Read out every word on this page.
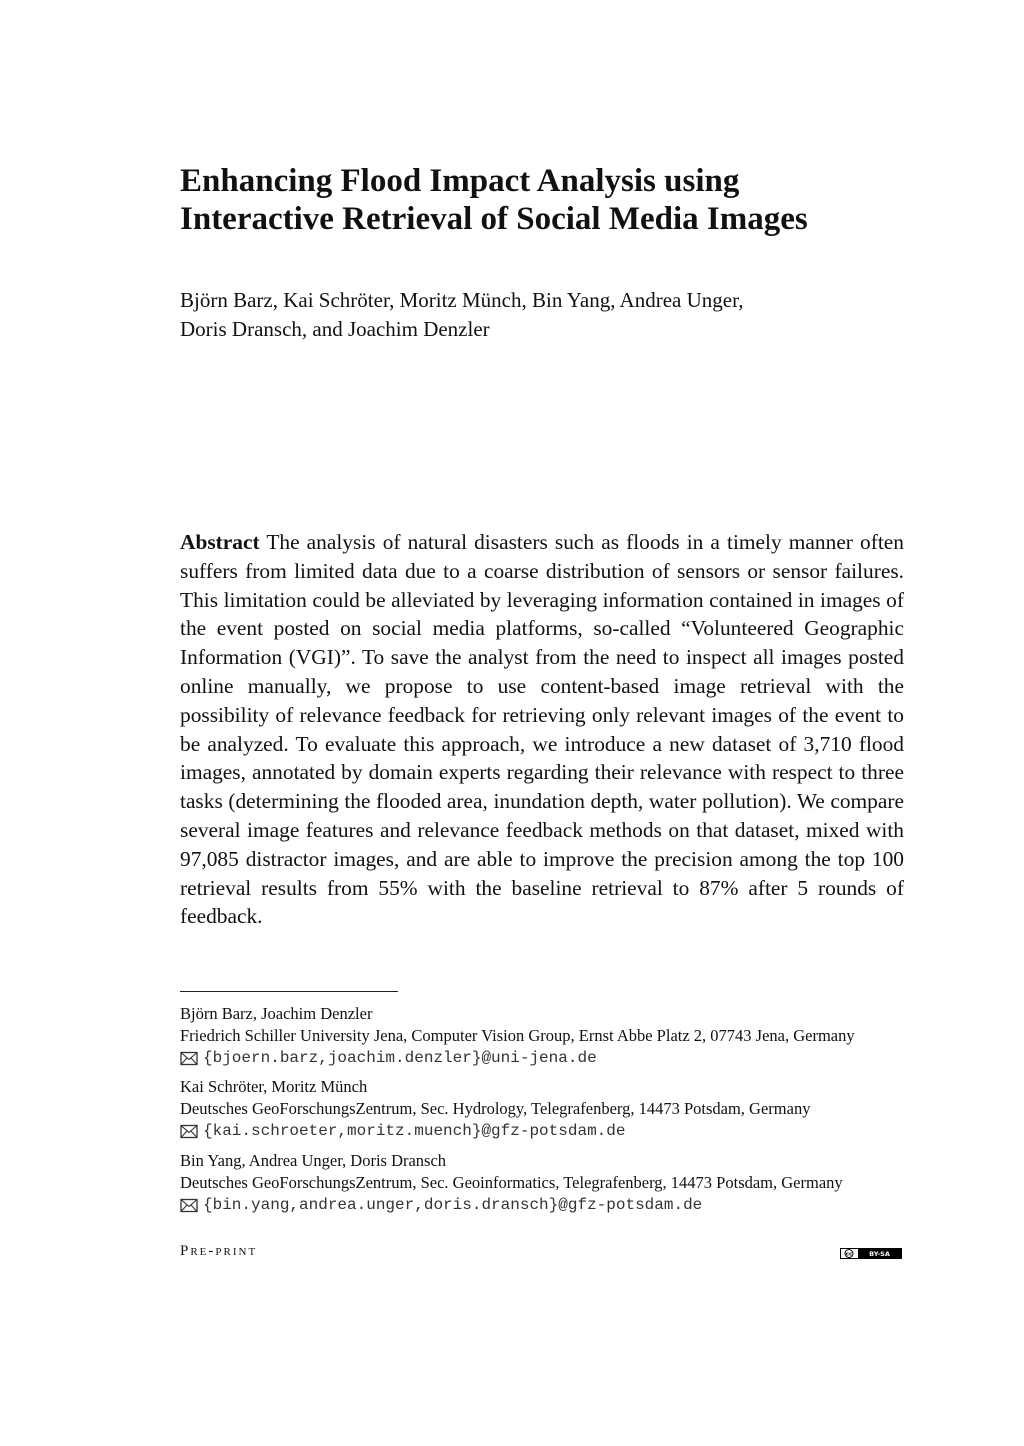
Enhancing Flood Impact Analysis using
Interactive Retrieval of Social Media Images
Björn Barz, Kai Schröter, Moritz Münch, Bin Yang, Andrea Unger,
Doris Dransch, and Joachim Denzler

Abstract The analysis of natural disasters such as floods in a timely manner often suffers from limited data due to a coarse distribution of sensors or sensor failures. This limitation could be alleviated by leveraging information contained in images of the event posted on social media platforms, so-called “Volunteered Geographic Information (VGI)”. To save the analyst from the need to inspect all images posted online manually, we propose to use content-based image retrieval with the possibility of relevance feedback for retrieving only relevant images of the event to be analyzed. To evaluate this approach, we introduce a new dataset of 3,710 flood images, annotated by domain experts regarding their relevance with respect to three tasks (determining the flooded area, inundation depth, water pollution). We compare several image features and relevance feedback methods on that dataset, mixed with 97,085 distractor images, and are able to improve the precision among the top 100 retrieval results from 55% with the baseline retrieval to 87% after 5 rounds of feedback.

Björn Barz, Joachim Denzler
Friedrich Schiller University Jena, Computer Vision Group, Ernst Abbe Platz 2, 07743 Jena, Germany
{bjoern.barz,joachim.denzler}@uni-jena.de
Kai Schröter, Moritz Münch
Deutsches GeoForschungsZentrum, Sec. Hydrology, Telegrafenberg, 14473 Potsdam, Germany
{kai.schroeter,moritz.muench}@gfz-potsdam.de
Bin Yang, Andrea Unger, Doris Dransch
Deutsches GeoForschungsZentrum, Sec. Geoinformatics, Telegrafenberg, 14473 Potsdam, Germany
{bin.yang,andrea.unger,doris.dransch}@gfz-potsdam.de
Pre-print	cc	BY-SA
